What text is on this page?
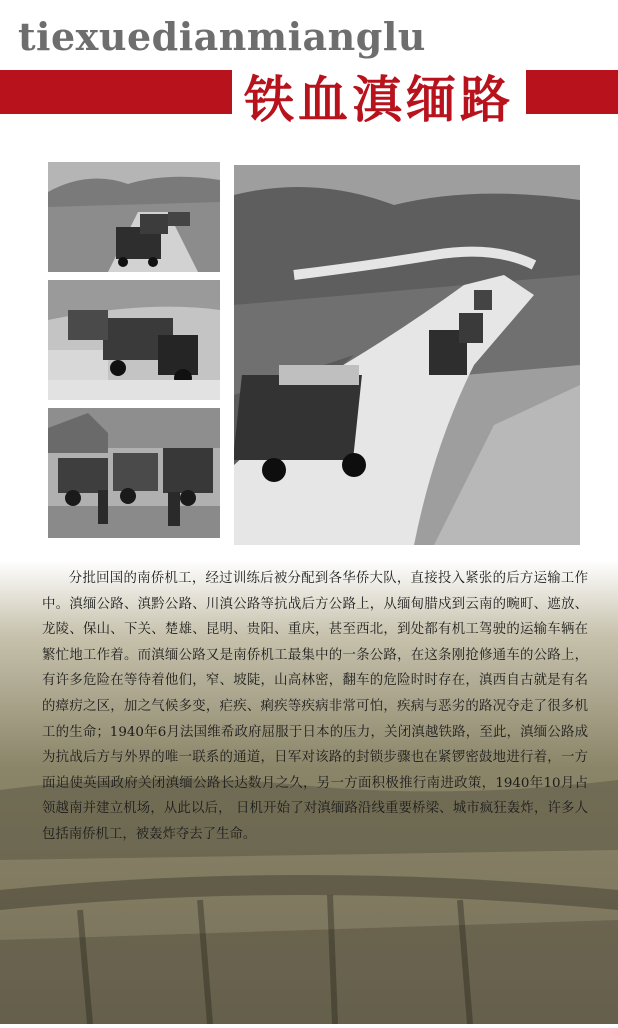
tiexuedianmianglu
铁血滇缅路

分批回国的南侨机工，经过训练后被分配到各华侨大队，直接投入紧张的后方运输工作中。滇缅公路、滇黔公路、川滇公路等抗战后方公路上，从缅甸腊戍到云南的畹町、遮放、龙陵、保山、下关、楚雄、昆明、贵阳、重庆，甚至西北，到处都有机工驾驶的运输车辆在繁忙地工作着。而滇缅公路又是南侨机工最集中的一条公路，在这条刚抢修通车的公路上，有许多危险在等待着他们，窄、坡陡，山高林密，翻车的危险时时存在，滇西自古就是有名的瘴疠之区，加之气候多变，疟疾、痢疾等疾病非常可怕，疾病与恶劣的路况夺走了很多机工的生命；1940年6月法国维希政府屈服于日本的压力，关闭滇越铁路，至此，滇缅公路成为抗战后方与外界的唯一联系的通道，日军对该路的封锁步骤也在紧锣密鼓地进行着，一方面迫使英国政府关闭滇缅公路长达数月之久，另一方面积极推行南进政策，1940年10月占领越南并建立机场，从此以后， 日机开始了对滇缅路沿线重要桥梁、城市疯狂轰炸，许多人包括南侨机工，被轰炸夺去了生命。
